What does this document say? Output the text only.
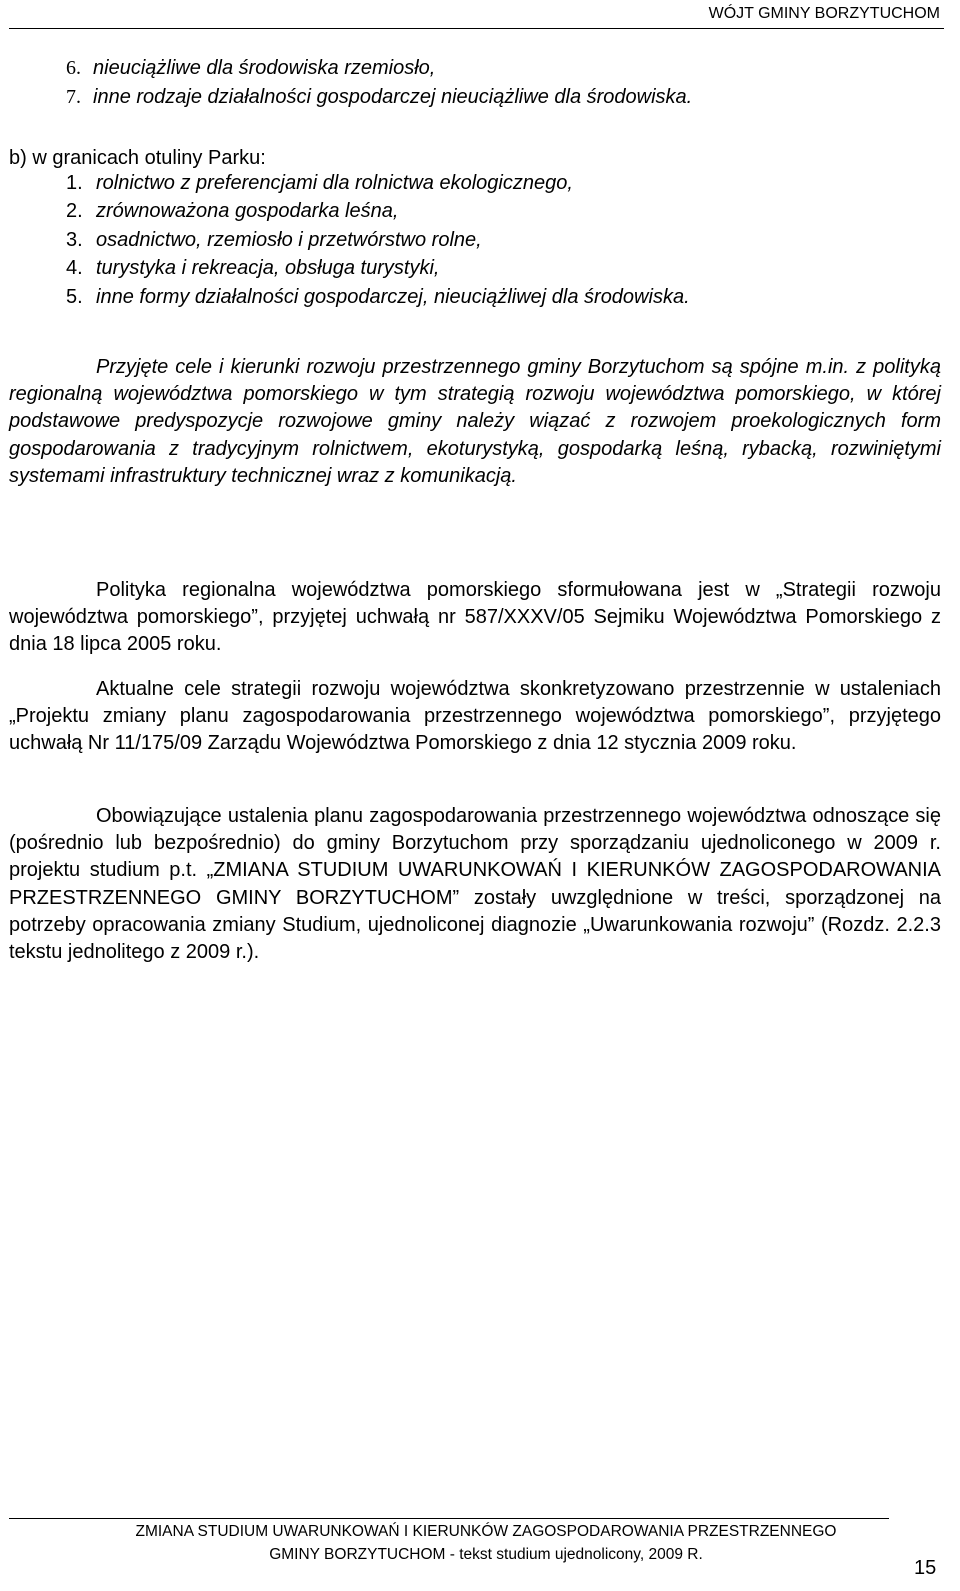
WÓJT GMINY BORZYTUCHOM
6. nieuciążliwe dla środowiska rzemiosło,
7. inne rodzaje działalności gospodarczej nieuciążliwe dla środowiska.
b) w granicach otuliny Parku:
1. rolnictwo z preferencjami dla rolnictwa ekologicznego,
2. zrównoważona gospodarka leśna,
3. osadnictwo, rzemiosło i przetwórstwo rolne,
4. turystyka i rekreacja, obsługa turystyki,
5. inne formy działalności gospodarczej, nieuciążliwej dla środowiska.
Przyjęte cele i kierunki rozwoju przestrzennego gminy Borzytuchom są spójne m.in. z polityką regionalną województwa pomorskiego w tym strategią rozwoju województwa pomorskiego, w której podstawowe predyspozycje rozwojowe gminy należy wiązać z rozwojem proekologicznych form gospodarowania z tradycyjnym rolnictwem, ekoturystyką, gospodarką leśną, rybacką, rozwiniętymi systemami infrastruktury technicznej wraz z komunikacją.
Polityka regionalna województwa pomorskiego sformułowana jest w „Strategii rozwoju województwa pomorskiego”, przyjętej uchwałą nr 587/XXXV/05 Sejmiku Województwa Pomorskiego z dnia 18 lipca 2005 roku.
Aktualne cele strategii rozwoju województwa skonkretyzowano przestrzennie w ustaleniach „Projektu zmiany planu zagospodarowania przestrzennego województwa pomorskiego”, przyjętego uchwałą Nr 11/175/09 Zarządu Województwa Pomorskiego z dnia 12 stycznia 2009 roku.
Obowiązujące ustalenia planu zagospodarowania przestrzennego województwa odnoszące się (pośrednio lub bezpośrednio) do gminy Borzytuchom przy sporządzaniu ujednoliconego w 2009 r. projektu studium p.t. „ZMIANA STUDIUM UWARUNKOWAŃ I KIERUNKÓW ZAGOSPODAROWANIA PRZESTRZENNEGO GMINY BORZYTUCHOM” zostały uwzględnione w treści, sporządzonej na potrzeby opracowania zmiany Studium, ujednoliconej diagnozie „Uwarunkowania rozwoju” (Rozdz. 2.2.3 tekstu jednolitego z 2009 r.).
ZMIANA STUDIUM UWARUNKOWAŃ I KIERUNKÓW ZAGOSPODAROWANIA PRZESTRZENNEGO
GMINY BORZYTUCHOM - tekst studium ujednolicony, 2009 R.
15
